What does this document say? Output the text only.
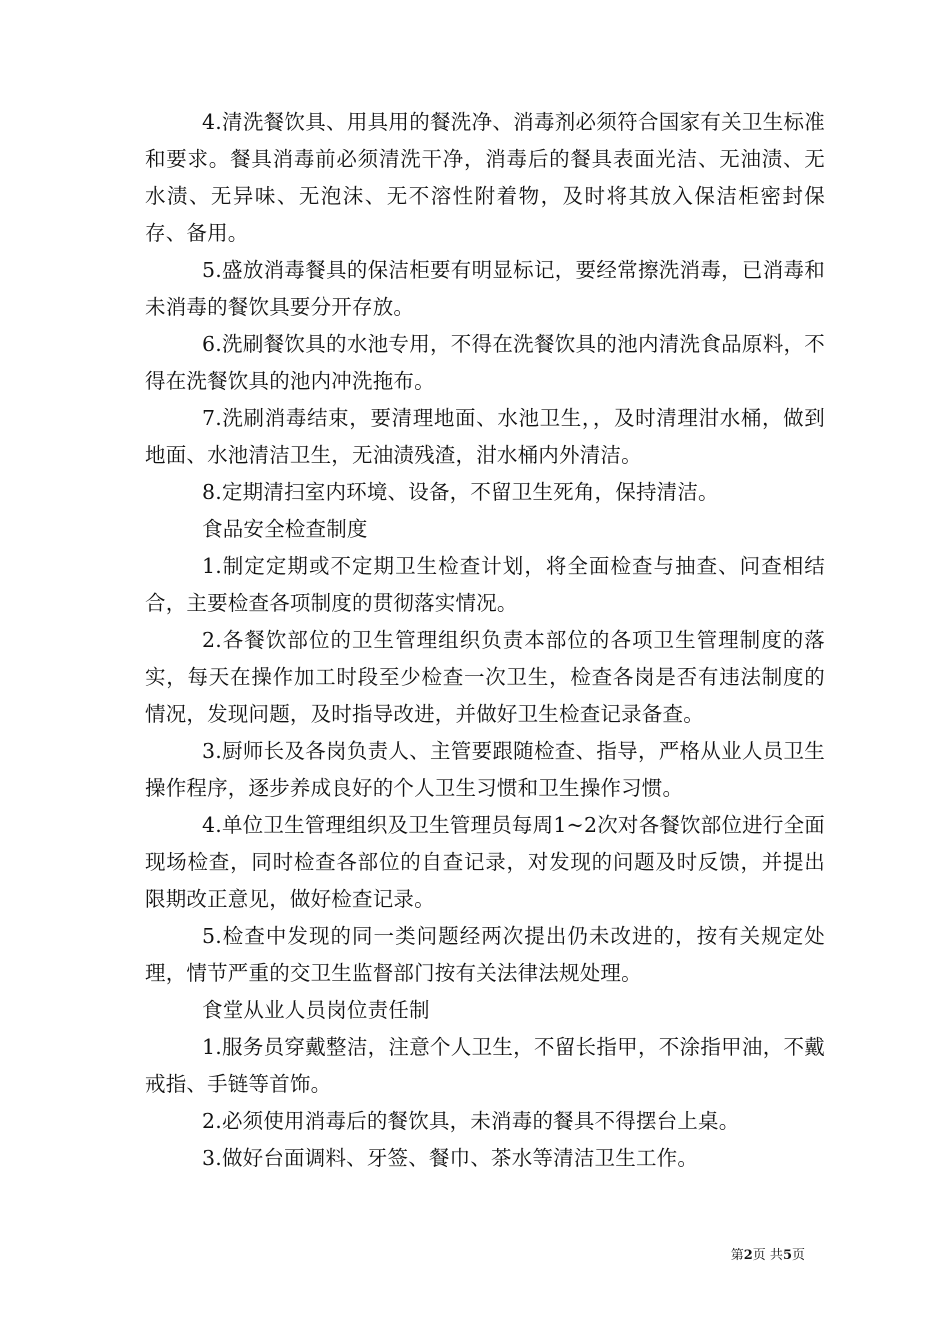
4.清洗餐饮具、用具用的餐洗净、消毒剂必须符合国家有关卫生标准和要求。餐具消毒前必须清洗干净，消毒后的餐具表面光洁、无油渍、无水渍、无异味、无泡沫、无不溶性附着物，及时将其放入保洁柜密封保存、备用。

5.盛放消毒餐具的保洁柜要有明显标记，要经常擦洗消毒，已消毒和未消毒的餐饮具要分开存放。

6.洗刷餐饮具的水池专用，不得在洗餐饮具的池内清洗食品原料，不得在洗餐饮具的池内冲洗拖布。

7.洗刷消毒结束，要清理地面、水池卫生，，及时清理泔水桶，做到地面、水池清洁卫生，无油渍残渣，泔水桶内外清洁。

8.定期清扫室内环境、设备，不留卫生死角，保持清洁。

食品安全检查制度

1.制定定期或不定期卫生检查计划，将全面检查与抽查、问查相结合，主要检查各项制度的贯彻落实情况。

2.各餐饮部位的卫生管理组织负责本部位的各项卫生管理制度的落实，每天在操作加工时段至少检查一次卫生，检查各岗是否有违法制度的情况，发现问题，及时指导改进，并做好卫生检查记录备查。

3.厨师长及各岗负责人、主管要跟随检查、指导，严格从业人员卫生操作程序，逐步养成良好的个人卫生习惯和卫生操作习惯。

4.单位卫生管理组织及卫生管理员每周1~2次对各餐饮部位进行全面现场检查，同时检查各部位的自查记录，对发现的问题及时反馈，并提出限期改正意见，做好检查记录。

5.检查中发现的同一类问题经两次提出仍未改进的，按有关规定处理，情节严重的交卫生监督部门按有关法律法规处理。

食堂从业人员岗位责任制

1.服务员穿戴整洁，注意个人卫生，不留长指甲，不涂指甲油，不戴戒指、手链等首饰。

2.必须使用消毒后的餐饮具，未消毒的餐具不得摆台上桌。

3.做好台面调料、牙签、餐巾、茶水等清洁卫生工作。

第2页 共5页
